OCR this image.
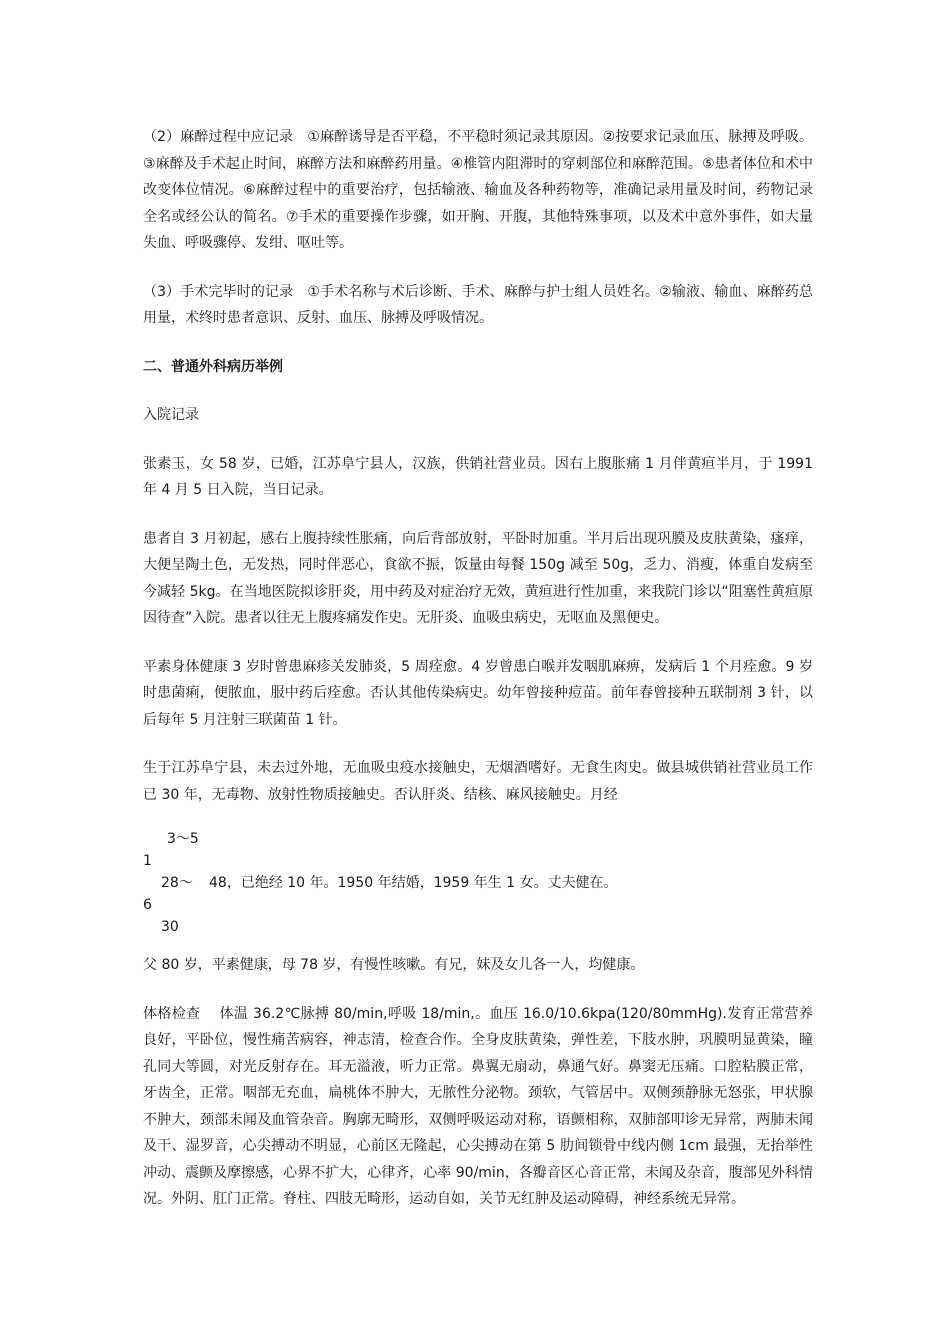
（2）麻醉过程中应记录　①麻醉诱导是否平稳，不平稳时须记录其原因。②按要求记录血压、脉搏及呼吸。③麻醉及手术起止时间，麻醉方法和麻醉药用量。④椎管内阻滞时的穿刺部位和麻醉范围。⑤患者体位和术中改变体位情况。⑥麻醉过程中的重要治疗，包括输液、输血及各种药物等，准确记录用量及时间，药物记录全名或经公认的简名。⑦手术的重要操作步骤，如开胸、开腹，其他特殊事项，以及术中意外事件，如大量失血、呼吸骤停、发绀、呕吐等。

（3）手术完毕时的记录　①手术名称与术后诊断、手术、麻醉与护士组人员姓名。②输液、输血、麻醉药总用量，术终时患者意识、反射、血压、脉搏及呼吸情况。

二、普通外科病历举例

入院记录

张素玉，女 58 岁，已婚，江苏阜宁县人，汉族，供销社营业员。因右上腹胀痛 1 月伴黄疸半月，于 1991 年 4 月 5 日入院，当日记录。

患者自 3 月初起，感右上腹持续性胀痛，向后背部放射，平卧时加重。半月后出现巩膜及皮肤黄染，瘙痒，大便呈陶土色，无发热，同时伴恶心，食欲不振，饭量由每餐 150g 减至 50g，乏力、消瘦，体重自发病至今减轻 5kg。在当地医院拟诊肝炎，用中药及对症治疗无效，黄疸进行性加重，来我院门诊以“阻塞性黄疸原因待查”入院。患者以往无上腹疼痛发作史。无肝炎、血吸虫病史，无呕血及黑便史。

平素身体健康 3 岁时曾患麻疹关发肺炎，5 周痊愈。4 岁曾患白喉并发咽肌麻痹，发病后 1 个月痊愈。9 岁时患菌痢，便脓血，服中药后痊愈。否认其他传染病史。幼年曾接种痘苗。前年春曾接种五联制剂 3 针，以后每年 5 月注射三联菌苗 1 针。

生于江苏阜宁县，未去过外地，无血吸虫疫水接触史，无烟酒嗜好。无食生肉史。做县城供销社营业员工作已 30 年，无毒物、放射性物质接触史。否认肝炎、结核、麻风接触史。月经

3～5
1
28～ 48，已绝经 10 年。1950 年结婚，1959 年生 1 女。丈夫健在。
6
30

父 80 岁，平素健康，母 78 岁，有慢性咳嗽。有兄，妹及女儿各一人，均健康。

体格检查　 体温 36.2℃脉搏 80/min,呼吸 18/min,。血压 16.0/10.6kpa(120/80mmHg).发育正常营养良好，平卧位，慢性痛苦病容，神志清，检查合作。全身皮肤黄染，弹性差，下肢水肿，巩膜明显黄染，瞳孔同大等圆，对光反射存在。耳无溢液，听力正常。鼻翼无扇动，鼻通气好。鼻窦无压痛。口腔粘膜正常，牙齿全，正常。咽部无充血，扁桃体不肿大，无脓性分泌物。颈软，气管居中。双侧颈静脉无怒张，甲状腺不肿大，颈部未闻及血管杂音。胸廓无畸形，双侧呼吸运动对称，语颤相称，双肺部叩诊无异常，两肺未闻及干、湿罗音，心尖搏动不明显，心前区无隆起，心尖搏动在第 5 肋间锁骨中线内侧 1cm 最强，无抬举性冲动、震颤及摩擦感，心界不扩大，心律齐，心率 90/min，各瓣音区心音正常，未闻及杂音，腹部见外科情况。外阴、肛门正常。脊柱、四肢无畸形，运动自如，关节无红肿及运动障碍，神经系统无异常。
